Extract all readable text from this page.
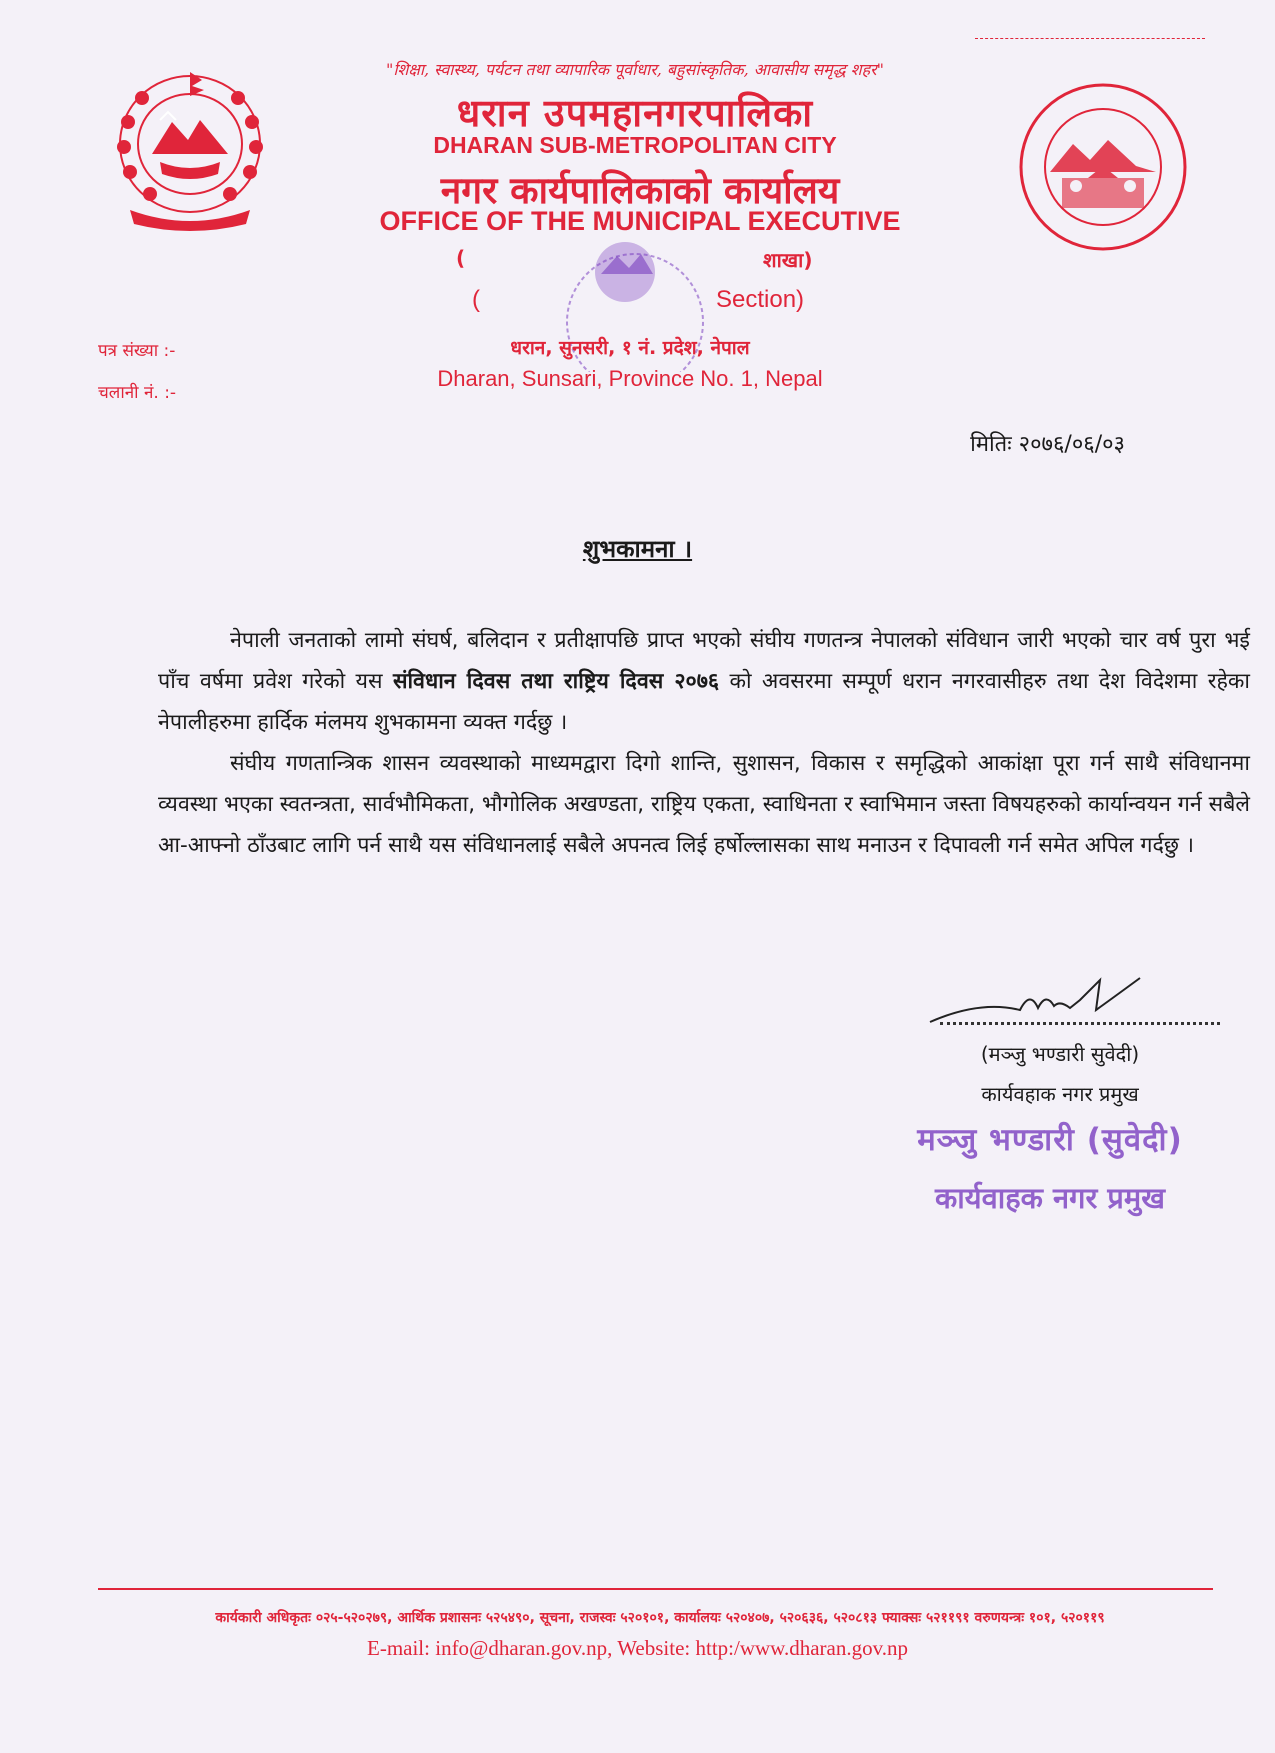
"शिक्षा, स्वास्थ्य, पर्यटन तथा व्यापारिक पूर्वाधार, बहुसांस्कृतिक, आवासीय समृद्ध शहर"
धरान उपमहानगरपालिका
DHARAN SUB-METROPOLITAN CITY
नगर कार्यपालिकाको कार्यालय
OFFICE OF THE MUNICIPAL EXECUTIVE
(	शाखा)
(	Section)
धरान, सुनसरी, १ नं. प्रदेश, नेपाल
Dharan, Sunsari, Province No. 1, Nepal
पत्र संख्या :-
चलानी नं. :-
मितिः २०७६/०६/०३
शुभकामना ।

नेपाली जनताको लामो संघर्ष, बलिदान र प्रतीक्षापछि प्राप्त भएको संघीय गणतन्त्र नेपालको संविधान जारी भएको चार वर्ष पुरा भई पाँच वर्षमा प्रवेश गरेको यस संविधान दिवस तथा राष्ट्रिय दिवस २०७६ को अवसरमा सम्पूर्ण धरान नगरवासीहरु तथा देश विदेशमा रहेका नेपालीहरुमा हार्दिक मंलमय शुभकामना व्यक्त गर्दछु ।

संघीय गणतान्त्रिक शासन व्यवस्थाको माध्यमद्वारा दिगो शान्ति, सुशासन, विकास र समृद्धिको आकांक्षा पूरा गर्न साथै संविधानमा व्यवस्था भएका स्वतन्त्रता, सार्वभौमिकता, भौगोलिक अखण्डता, राष्ट्रिय एकता, स्वाधिनता र स्वाभिमान जस्ता विषयहरुको कार्यान्वयन गर्न सबैले आ-आफ्नो ठाँउबाट लागि पर्न साथै यस संविधानलाई सबैले अपनत्व लिई हर्षोल्लासका साथ मनाउन र दिपावली गर्न समेत अपिल गर्दछु ।

(मञ्जु भण्डारी सुवेदी)
कार्यवहाक नगर प्रमुख
मञ्जु भण्डारी (सुवेदी)
कार्यवाहक नगर प्रमुख
कार्यकारी अधिकृतः ०२५-५२०२७९, आर्थिक प्रशासनः ५२५४९०, सूचना, राजस्वः ५२०१०१, कार्यालयः ५२०४०७, ५२०६३६, ५२०८१३ फ्याक्सः ५२११९१ वरुणयन्त्रः १०१, ५२०११९
E-mail: info@dharan.gov.np, Website: http:/www.dharan.gov.np
